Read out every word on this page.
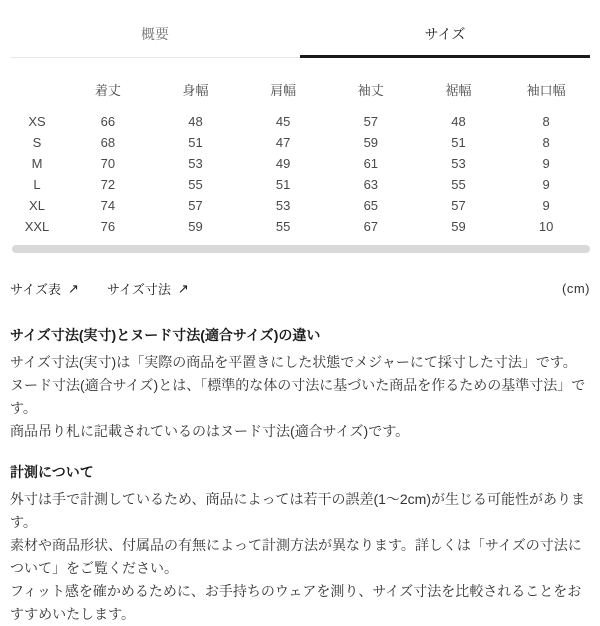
概要	サイズ
	着丈	身幅	肩幅	袖丈	裾幅	袖口幅
XS	66	48	45	57	48	8
S	68	51	47	59	51	8
M	70	53	49	61	53	9
L	72	55	51	63	55	9
XL	74	57	53	65	57	9
XXL	76	59	55	67	59	10
サイズ表 ↗ サイズ寸法 ↗	(cm)
サイズ寸法(実寸)とヌード寸法(適合サイズ)の違い

サイズ寸法(実寸)は「実際の商品を平置きにした状態でメジャーにて採寸した寸法」です。

ヌード寸法(適合サイズ)とは、「標準的な体の寸法に基づいた商品を作るための基準寸法」です。

商品吊り札に記載されているのはヌード寸法(適合サイズ)です。

計測について

外寸は手で計測しているため、商品によっては若干の誤差(1〜2cm)が生じる可能性があります。

素材や商品形状、付属品の有無によって計測方法が異なります。詳しくは「サイズの寸法について」をご覧ください。

フィット感を確かめるために、お手持ちのウェアを測り、サイズ寸法を比較されることをおすすめいたします。
